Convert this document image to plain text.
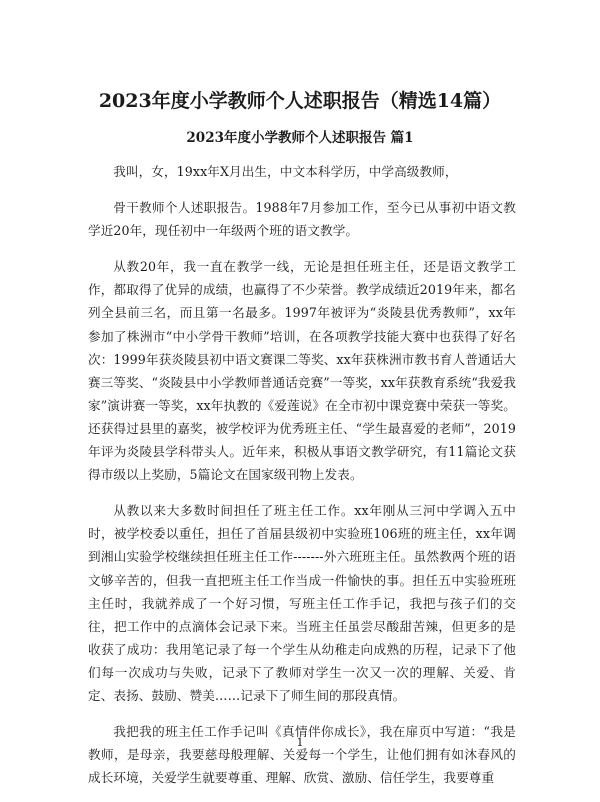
2023年度小学教师个人述职报告（精选14篇）
2023年度小学教师个人述职报告 篇1

我叫，女，19xx年X月出生，中文本科学历，中学高级教师，

骨干教师个人述职报告。1988年7月参加工作，至今已从事初中语文教学近20年，现任初中一年级两个班的语文教学。

从教20年，我一直在教学一线，无论是担任班主任，还是语文教学工作，都取得了优异的成绩，也赢得了不少荣誉。教学成绩近2019年来，都名列全县前三名，而且第一名最多。1997年被评为“炎陵县优秀教师”，xx年参加了株洲市“中小学骨干教师”培训，在各项教学技能大赛中也获得了好名次：1999年获炎陵县初中语文赛课二等奖、xx年获株洲市教书育人普通话大赛三等奖、“炎陵县中小学教师普通话竞赛”一等奖，xx年获教育系统“我爱我家”演讲赛一等奖，xx年执教的《爱莲说》在全市初中课竞赛中荣获一等奖。还获得过县里的嘉奖，被学校评为优秀班主任、“学生最喜爱的老师”，2019年评为炎陵县学科带头人。近年来，积极从事语文教学研究，有11篇论文获得市级以上奖励，5篇论文在国家级刊物上发表。

从教以来大多数时间担任了班主任工作。xx年刚从三河中学调入五中时，被学校委以重任，担任了首届县级初中实验班106班的班主任，xx年调到湘山实验学校继续担任班主任工作-------外六班班主任。虽然教两个班的语文够辛苦的，但我一直把班主任工作当成一件愉快的事。担任五中实验班班主任时，我就养成了一个好习惯，写班主任工作手记，我把与孩子们的交往，把工作中的点滴体会记录下来。当班主任虽尝尽酸甜苦辣，但更多的是收获了成功：我用笔记录了每一个学生从幼稚走向成熟的历程，记录下了他们每一次成功与失败，记录下了教师对学生一次又一次的理解、关爱、肯定、表扬、鼓励、赞美……记录下了师生间的那段真情。

我把我的班主任工作手记叫《真情伴你成长》，我在扉页中写道：“我是教师，是母亲，我要慈母般理解、关爱每一个学生，让他们拥有如沐春风的成长环境，关爱学生就要尊重、理解、欣赏、激励、信任学生，我要尊重

1
